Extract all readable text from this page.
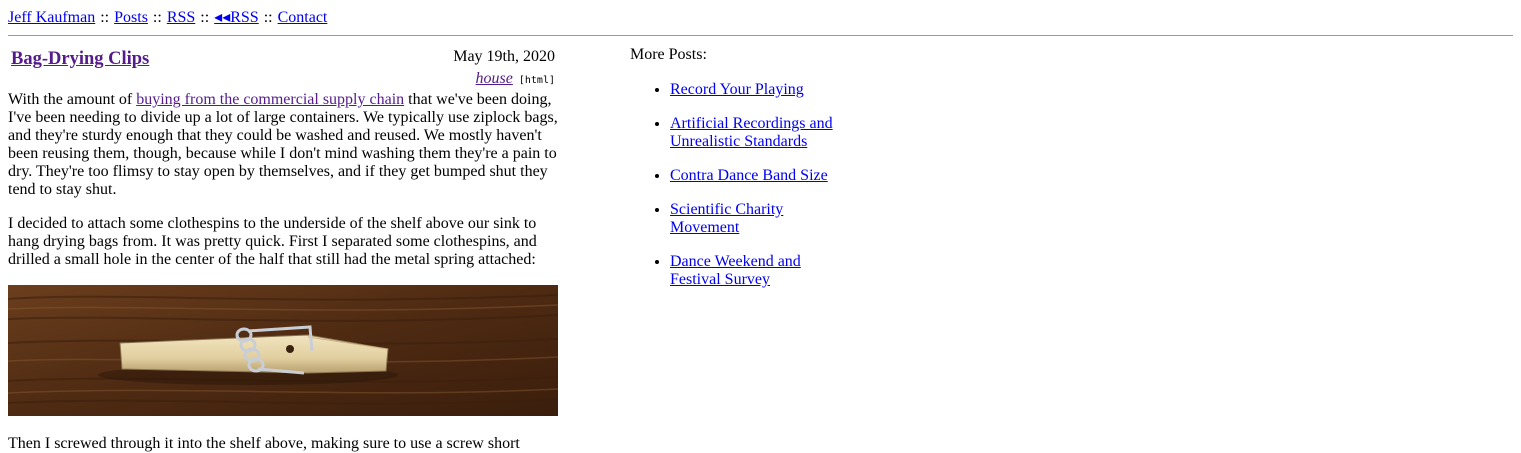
Jeff Kaufman :: Posts :: RSS :: ◂◂RSS :: Contact
Bag-Drying Clips	May 19th, 2020
house [html]

With the amount of buying from the commercial supply chain that we've been doing, I've been needing to divide up a lot of large containers. We typically use ziplock bags, and they're sturdy enough that they could be washed and reused. We mostly haven't been reusing them, though, because while I don't mind washing them they're a pain to dry. They're too flimsy to stay open by themselves, and if they get bumped shut they tend to stay shut.

I decided to attach some clothespins to the underside of the shelf above our sink to hang drying bags from. It was pretty quick. First I separated some clothespins, and drilled a small hole in the center of the half that still had the metal spring attached:

Then I screwed through it into the shelf above, making sure to use a screw short

More Posts:

• Record Your Playing
• Artificial Recordings and Unrealistic Standards
• Contra Dance Band Size
• Scientific Charity Movement
• Dance Weekend and Festival Survey
